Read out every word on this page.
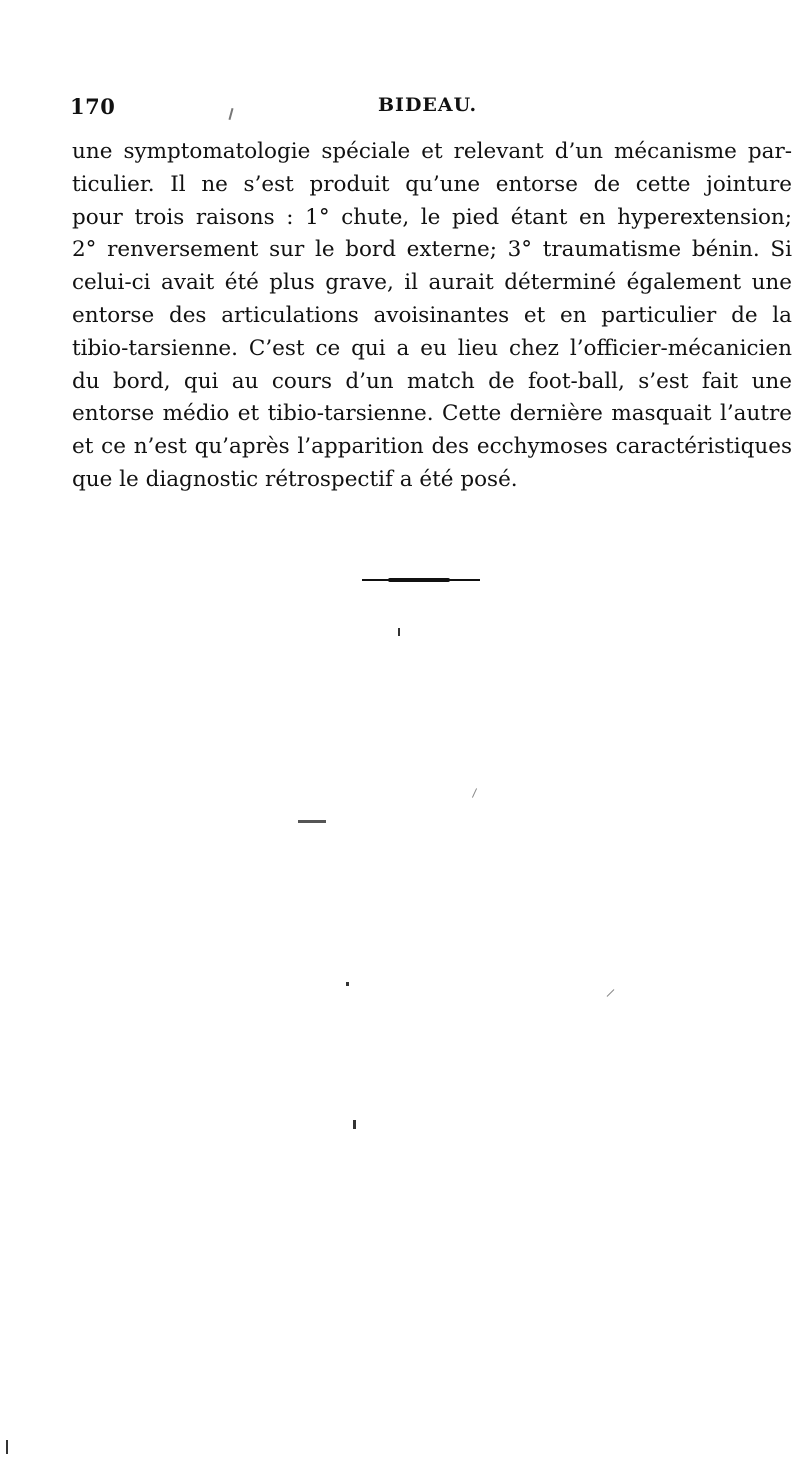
170	BIDEAU.
une symptomatologie spéciale et relevant d’un mécanisme par-
ticulier. Il ne s’est produit qu’une entorse de cette jointure
pour trois raisons : 1° chute, le pied étant en hyperextension;
2° renversement sur le bord externe; 3° traumatisme bénin. Si
celui-ci avait été plus grave, il aurait déterminé également une
entorse des articulations avoisinantes et en particulier de la
tibio-tarsienne. C’est ce qui a eu lieu chez l’officier-mécanicien
du bord, qui au cours d’un match de foot-ball, s’est fait une
entorse médio et tibio-tarsienne. Cette dernière masquait l’autre
et ce n’est qu’après l’apparition des ecchymoses caractéristiques
que le diagnostic rétrospectif a été posé.
